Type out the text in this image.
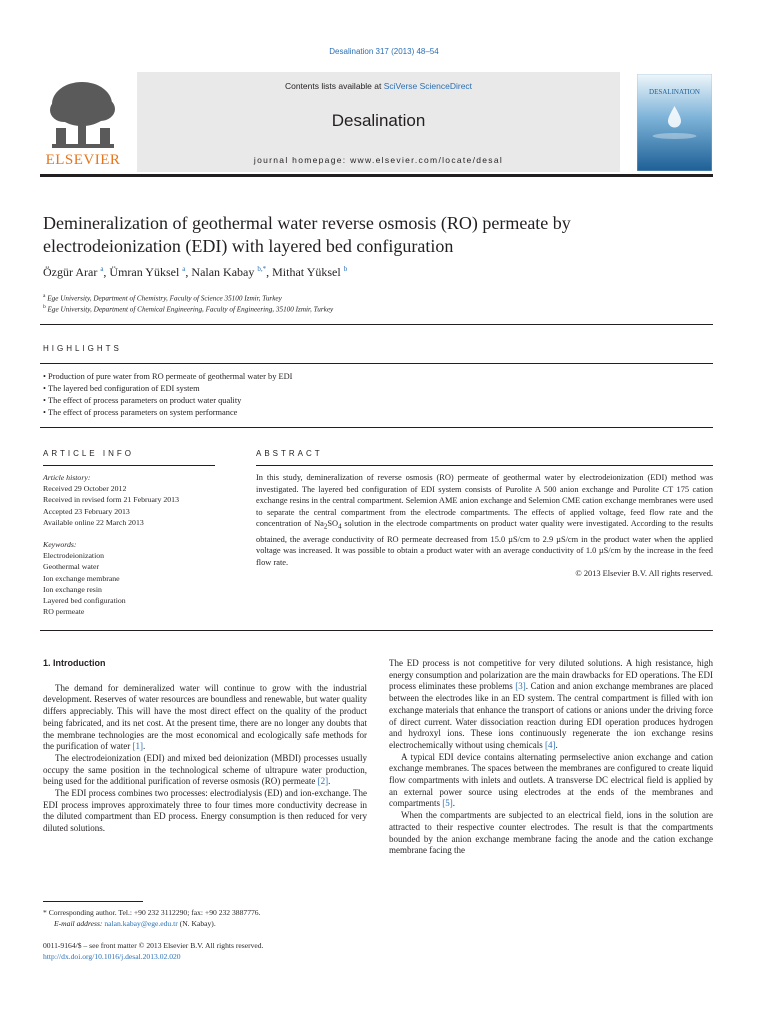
Desalination 317 (2013) 48–54
ELSEVIER
Contents lists available at SciVerse ScienceDirect
Desalination
journal homepage: www.elsevier.com/locate/desal
DESALINATION
Demineralization of geothermal water reverse osmosis (RO) permeate by electrodeionization (EDI) with layered bed configuration
Özgür Arar $^a$, Ümran Yüksel $^a$, Nalan Kabay $^{b,*}$, Mithat Yüksel $^b$
$^a$ Ege University, Department of Chemistry, Faculty of Science 35100 Izmir, Turkey
$^b$ Ege University, Department of Chemical Engineering, Faculty of Engineering, 35100 Izmir, Turkey
HIGHLIGHTS
• Production of pure water from RO permeate of geothermal water by EDI
• The layered bed configuration of EDI system
• The effect of process parameters on product water quality
• The effect of process parameters on system performance
ARTICLE INFO
Article history:
Received 29 October 2012
Received in revised form 21 February 2013
Accepted 23 February 2013
Available online 22 March 2013
Keywords:
Electrodeionization
Geothermal water
Ion exchange membrane
Ion exchange resin
Layered bed configuration
RO permeate
ABSTRACT
In this study, demineralization of reverse osmosis (RO) permeate of geothermal water by electrodeionization (EDI) method was investigated. The layered bed configuration of EDI system consists of Purolite A 500 anion exchange and Purolite CT 175 cation exchange resins in the central compartment. Selemion AME anion exchange and Selemion CME cation exchange membranes were used to separate the central compartment from the electrode compartments. The effects of applied voltage, feed flow rate and the concentration of $Na_2SO_4$ solution in the electrode compartments on product water quality were investigated. According to the results obtained, the average conductivity of RO permeate decreased from 15.0 µS/cm to 2.9 µS/cm in the product water when the applied voltage was increased. It was possible to obtain a product water with an average conductivity of 1.0 µS/cm by the increase in the feed flow rate.
© 2013 Elsevier B.V. All rights reserved.

1. Introduction

The demand for demineralized water will continue to grow with the industrial development. Reserves of water resources are boundless and renewable, but water quality differs appreciably. This will have the most direct effect on the quality of the product being fabricated, and its net cost. At the present time, there are no longer any doubts that the membrane technologies are the most economical and ecologically safe methods for the purification of water [1].

The electrodeionization (EDI) and mixed bed deionization (MBDI) processes usually occupy the same position in the technological scheme of ultrapure water production, being used for the additional purification of reverse osmosis (RO) permeate [2].

The EDI process combines two processes: electrodialysis (ED) and ion-exchange. The EDI process improves approximately three to four times more conductivity decrease in the diluted compartment than ED process. Energy consumption is then reduced for very diluted solutions.

The ED process is not competitive for very diluted solutions. A high resistance, high energy consumption and polarization are the main drawbacks for ED operations. The EDI process eliminates these problems [3]. Cation and anion exchange membranes are placed between the electrodes like in an ED system. The central compartment is filled with ion exchange materials that enhance the transport of cations or anions under the driving force of direct current. Water dissociation reaction during EDI operation produces hydrogen and hydroxyl ions. These ions continuously regenerate the ion exchange resins electrochemically without using chemicals [4].

A typical EDI device contains alternating permselective anion exchange and cation exchange membranes. The spaces between the membranes are configured to create liquid flow compartments with inlets and outlets. A transverse DC electrical field is applied by an external power source using electrodes at the ends of the membranes and compartments [5].

When the compartments are subjected to an electrical field, ions in the solution are attracted to their respective counter electrodes. The result is that the compartments bounded by the anion exchange membrane facing the anode and the cation exchange membrane facing the

* Corresponding author. Tel.: +90 232 3112290; fax: +90 232 3887776.
E-mail address: nalan.kabay@ege.edu.tr (N. Kabay).
0011-9164/$ – see front matter © 2013 Elsevier B.V. All rights reserved.
http://dx.doi.org/10.1016/j.desal.2013.02.020
